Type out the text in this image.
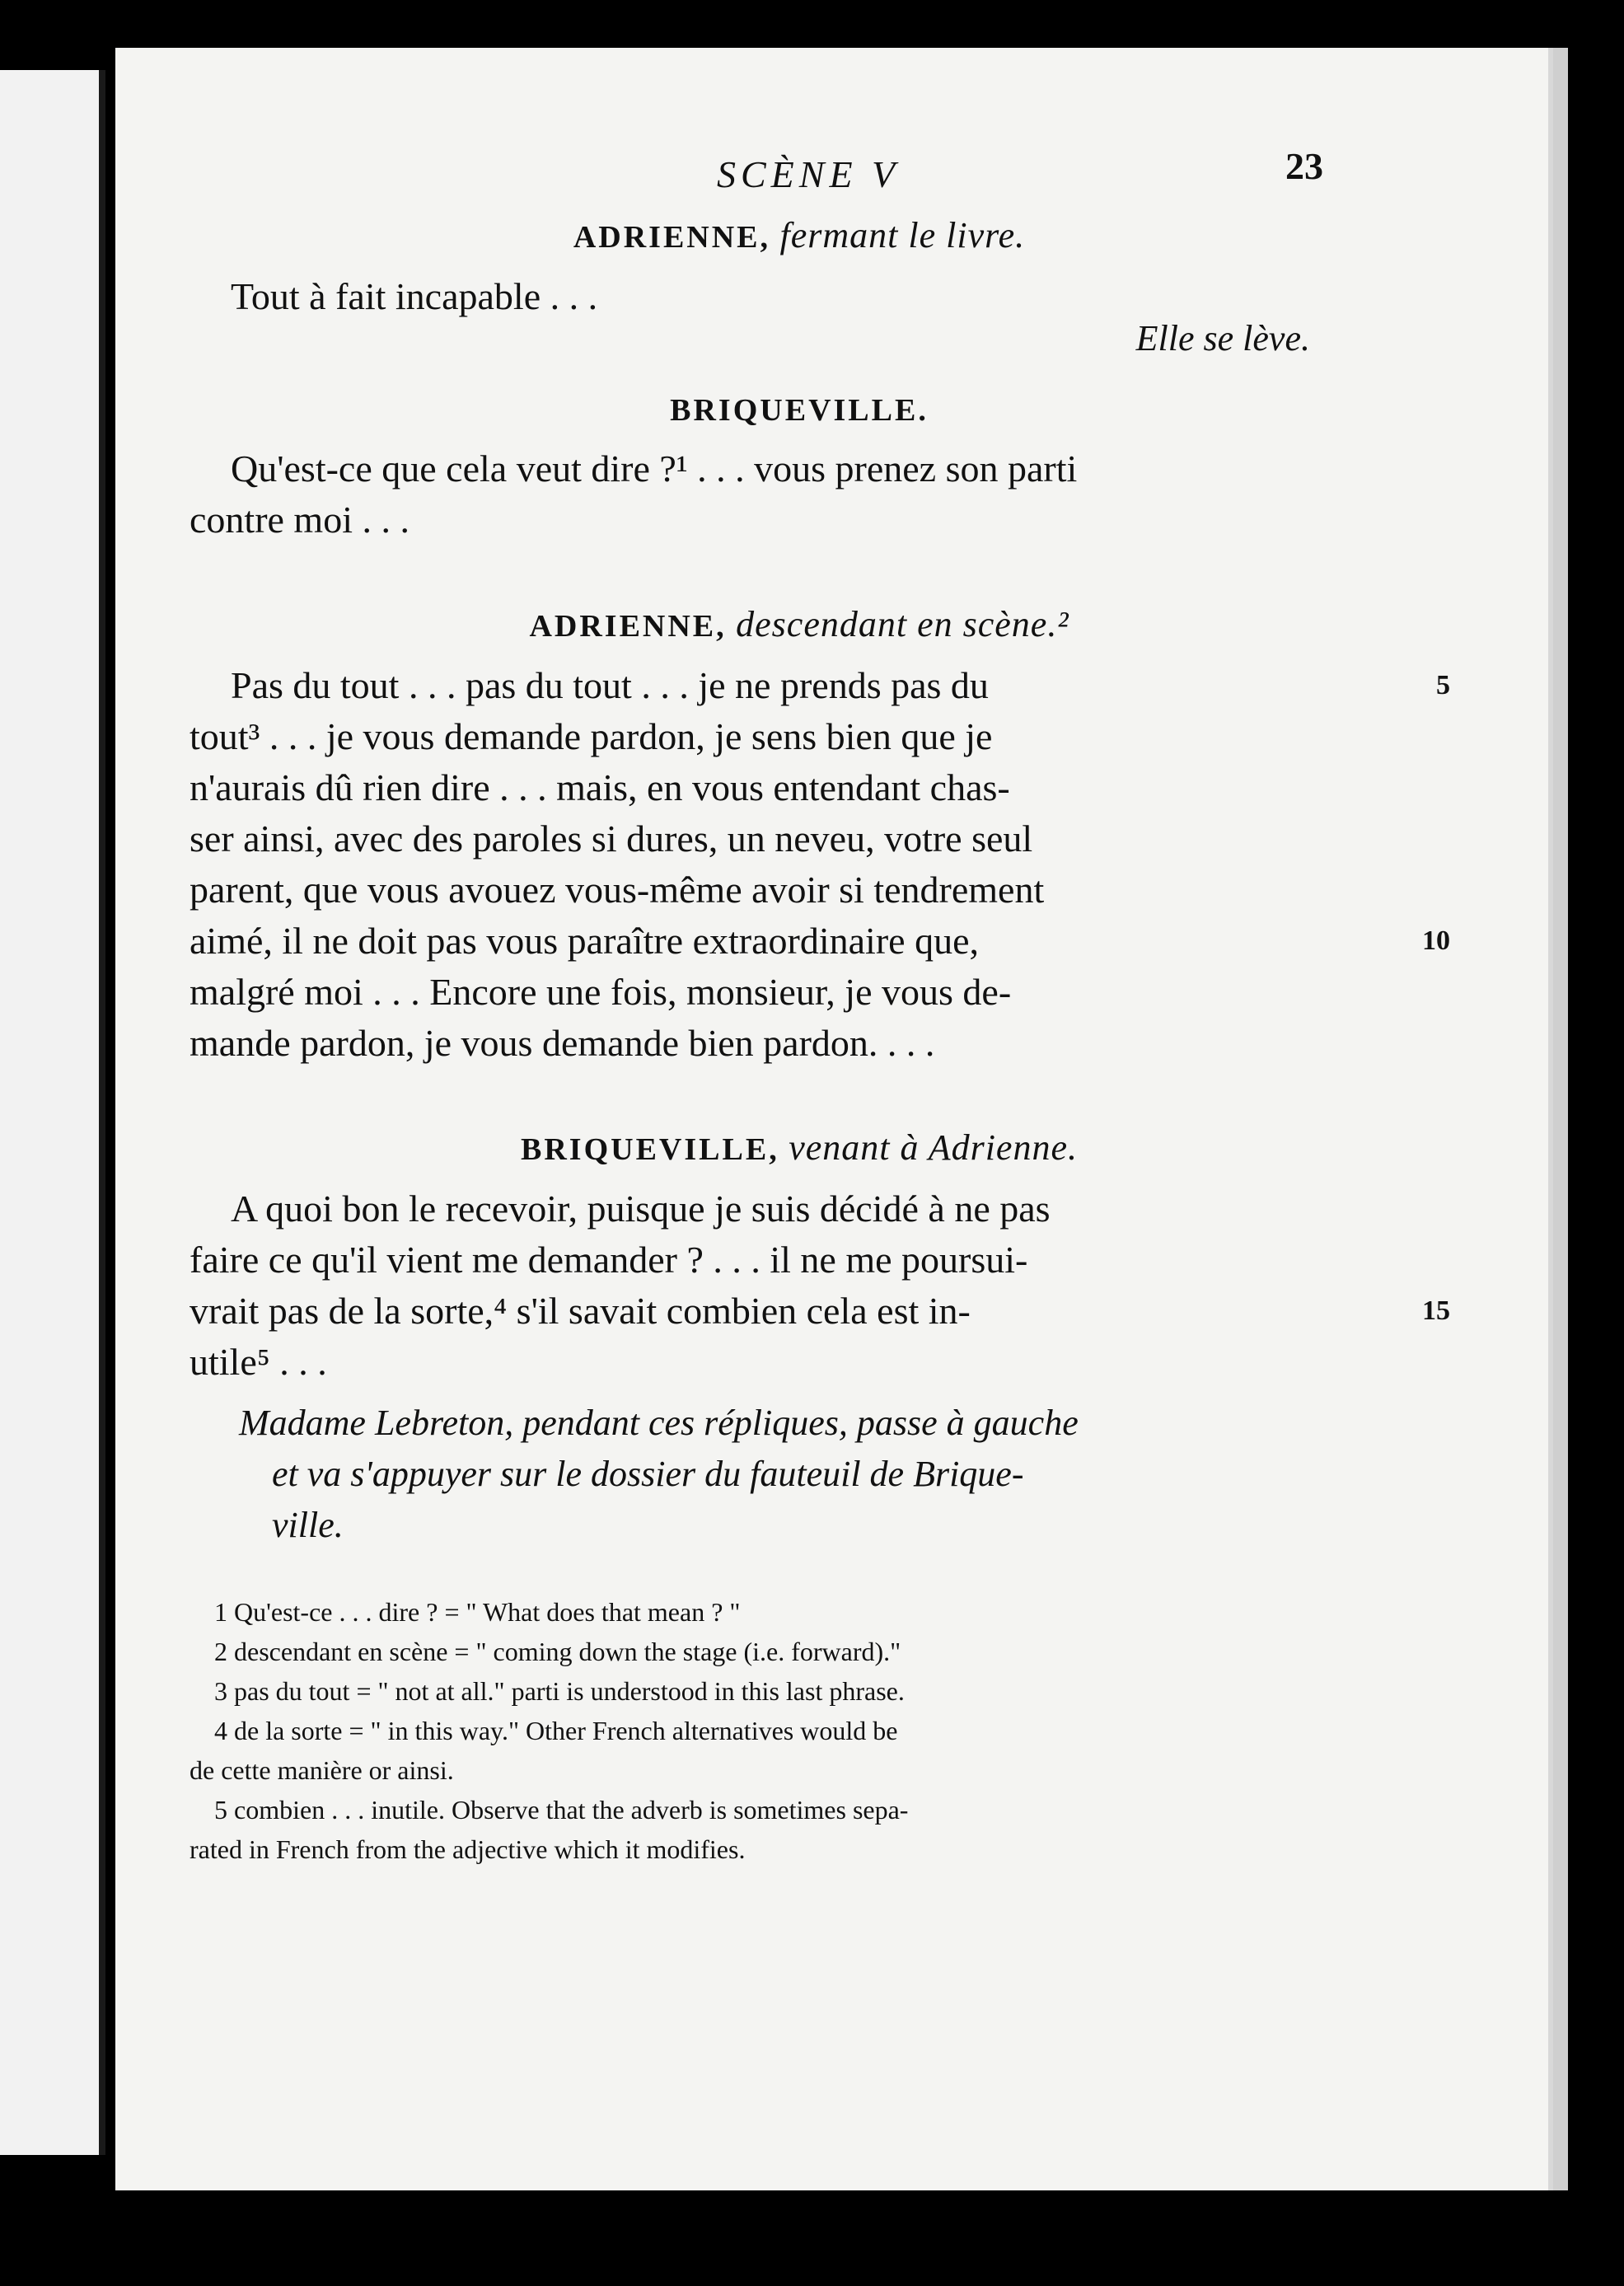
SCÈNE V	23
ADRIENNE, fermant le livre.
Tout à fait incapable . . .
Elle se lève.
BRIQUEVILLE.
Qu'est-ce que cela veut dire ?¹ . . . vous prenez son parti
contre moi . . .
ADRIENNE, descendant en scène.²
Pas du tout . . . pas du tout . . . je ne prends pas du	5
tout³ . . . je vous demande pardon, je sens bien que je
n'aurais dû rien dire . . . mais, en vous entendant chas-
ser ainsi, avec des paroles si dures, un neveu, votre seul
parent, que vous avouez vous-même avoir si tendrement
aimé, il ne doit pas vous paraître extraordinaire que,	10
malgré moi . . . Encore une fois, monsieur, je vous de-
mande pardon, je vous demande bien pardon. . . .
BRIQUEVILLE, venant à Adrienne.
A quoi bon le recevoir, puisque je suis décidé à ne pas
faire ce qu'il vient me demander ? . . . il ne me poursui-
vrait pas de la sorte,⁴ s'il savait combien cela est in-	15
utile⁵ . . .
Madame Lebreton, pendant ces répliques, passe à gauche
et va s'appuyer sur le dossier du fauteuil de Brique-
ville.
1 Qu'est-ce . . . dire ? = " What does that mean ? "
2 descendant en scène = " coming down the stage (i.e. forward)."
3 pas du tout = " not at all." parti is understood in this last phrase.
4 de la sorte = " in this way." Other French alternatives would be
de cette manière or ainsi.
5 combien . . . inutile. Observe that the adverb is sometimes sepa-
rated in French from the adjective which it modifies.
